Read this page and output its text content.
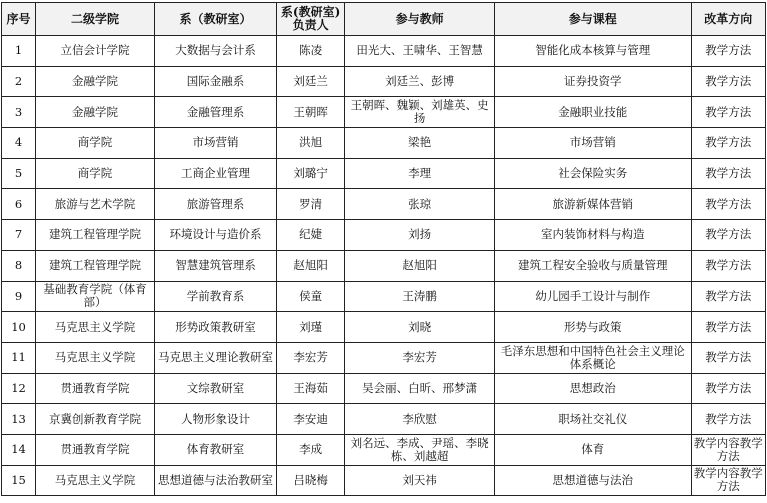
序号	二级学院	系（教研室）	系(教研室)负责人	参与教师	参与课程	改革方向
1	立信会计学院	大数据与会计系	陈凌	田光大、王啸华、王智慧	智能化成本核算与管理	教学方法
2	金融学院	国际金融系	刘廷兰	刘廷兰、彭博	证券投资学	教学方法
3	金融学院	金融管理系	王朝晖	王朝晖、魏颖、刘雄英、史扬	金融职业技能	教学方法
4	商学院	市场营销	洪旭	梁艳	市场营销	教学方法
5	商学院	工商企业管理	刘璐宁	李理	社会保险实务	教学方法
6	旅游与艺术学院	旅游管理系	罗清	张琼	旅游新媒体营销	教学方法
7	建筑工程管理学院	环境设计与造价系	纪婕	刘扬	室内装饰材料与构造	教学方法
8	建筑工程管理学院	智慧建筑管理系	赵旭阳	赵旭阳	建筑工程安全验收与质量管理	教学方法
9	基础教育学院（体育部）	学前教育系	侯童	王涛鹏	幼儿园手工设计与制作	教学方法
10	马克思主义学院	形势政策教研室	刘瑾	刘晓	形势与政策	教学方法
11	马克思主义学院	马克思主义理论教研室	李宏芳	李宏芳	毛泽东思想和中国特色社会主义理论体系概论	教学方法
12	贯通教育学院	文综教研室	王海茹	吴会丽、白昕、邢梦潇	思想政治	教学方法
13	京冀创新教育学院	人物形象设计	李安迪	李欣慰	职场社交礼仪	教学方法
14	贯通教育学院	体育教研室	李成	刘名远、李成、尹瑶、李晓栋、刘越超	体育	教学内容教学方法
15	马克思主义学院	思想道德与法治教研室	吕晓梅	刘天祎	思想道德与法治	教学内容教学方法
